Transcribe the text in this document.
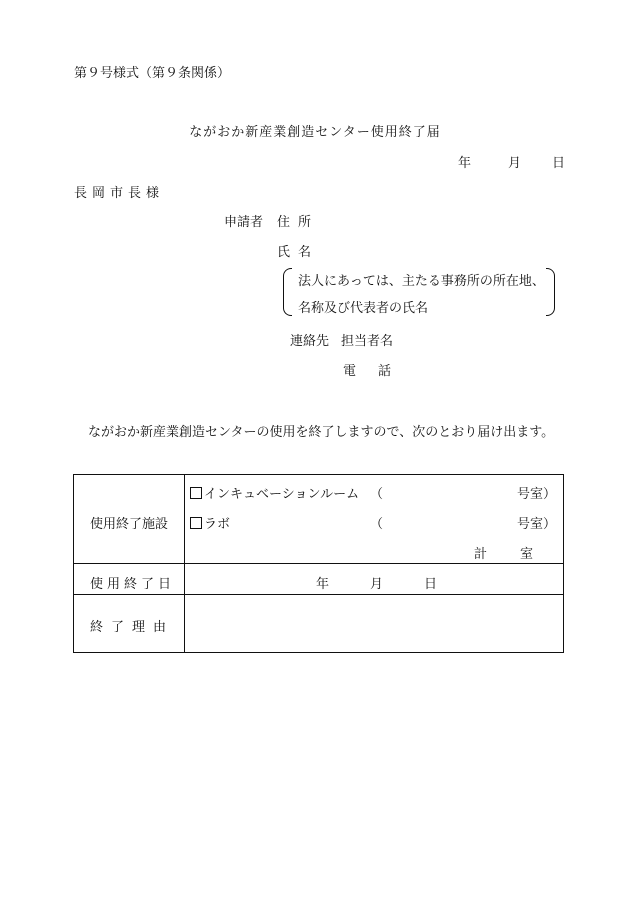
第９号様式（第９条関係）
ながおか新産業創造センター使用終了届
年	月 日
長岡市長様
申請者 住所
氏名
法人にあっては、主たる事務所の所在地、
名称及び代表者の氏名
連絡先 担当者名
電話
ながおか新産業創造センターの使用を終了しますので、次のとおり届け出ます。
使用終了施設
インキュベーションルーム （	号室）
ラボ	（	号室）
計	室
使用終了日	年	月	日
終了理由
